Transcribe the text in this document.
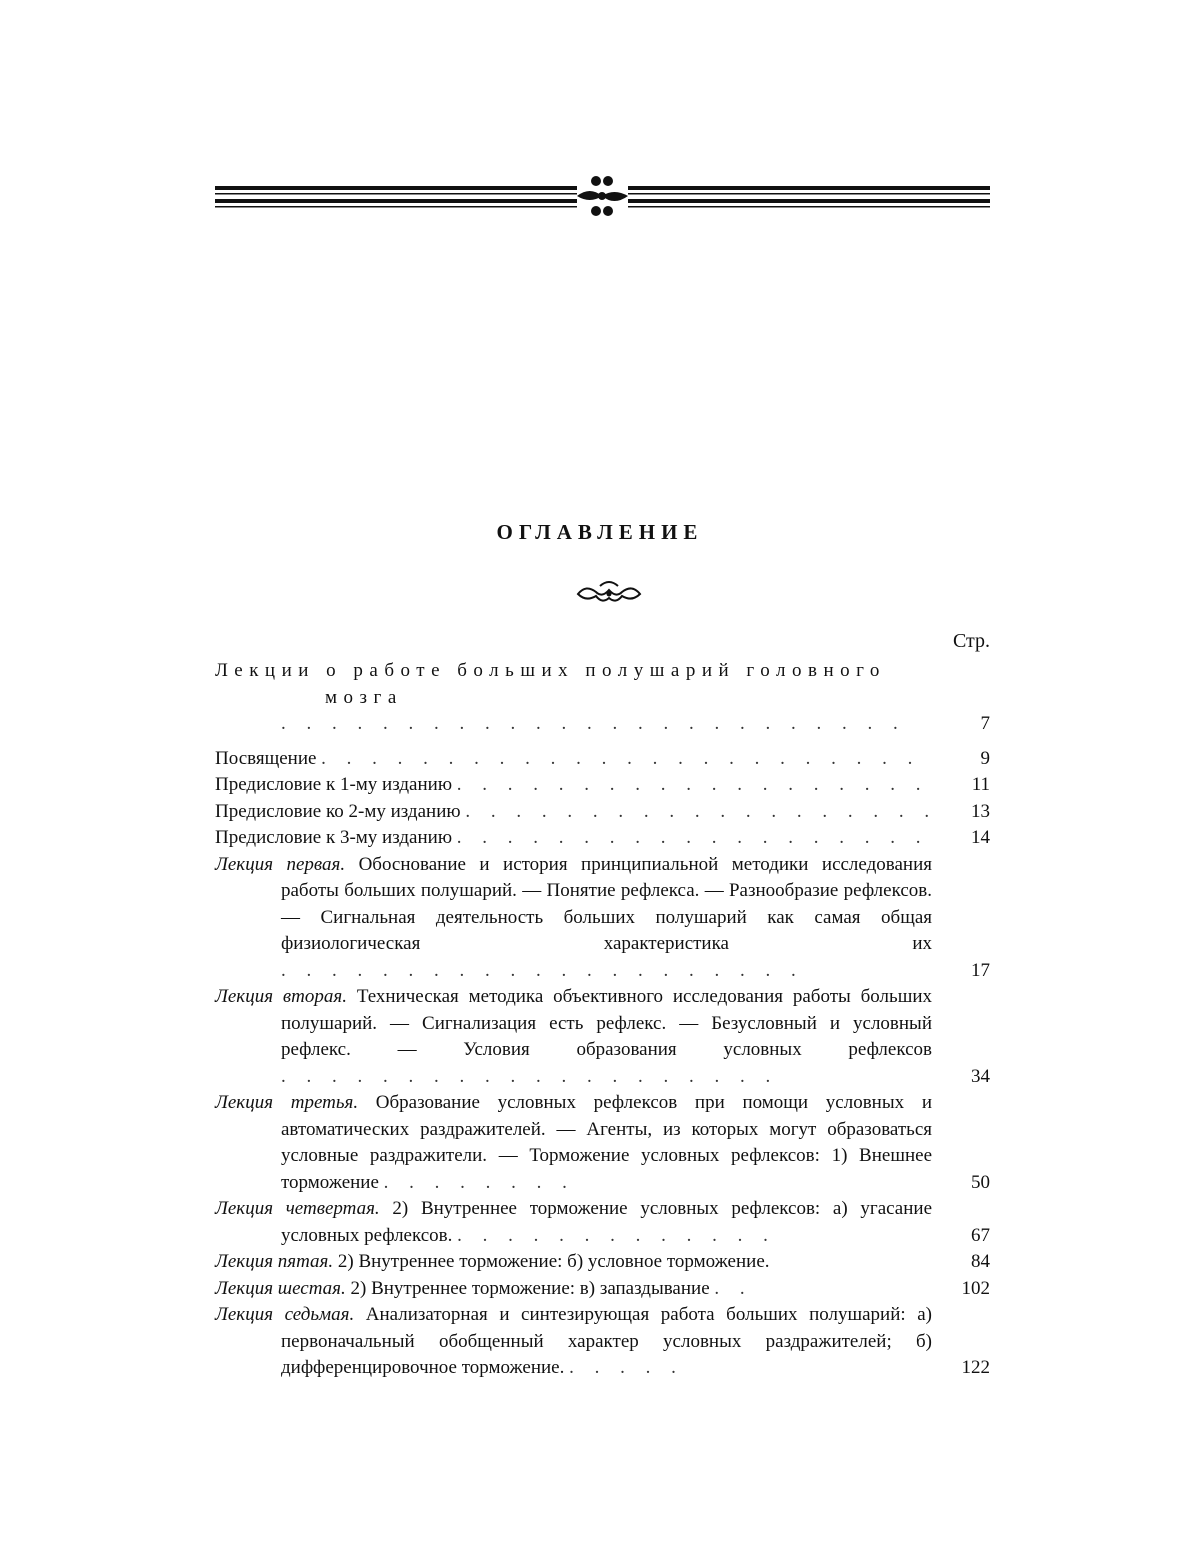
ОГЛАВЛЕНИЕ
Стр.
Лекции о работе больших полушарий головного
мозга . . . . . . . . . . . . . . . . . . . . . . . . .	7
Посвящение . . . . . . . . . . . . . . . . . . . . . . . .	9
Предисловие к 1-му изданию . . . . . . . . . . . . . . . . . . .	11
Предисловие ко 2-му изданию . . . . . . . . . . . . . . . . . .	13
Предисловие к 3-му изданию . . . . . . . . . . . . . . . . . . .	14
Лекция первая. Обоснование и история принципиальной методики исследования работы больших полушарий. — Понятие рефлекса. — Разнообразие рефлексов. — Сигнальная деятельность больших полушарий как самая общая физиологическая характеристика их . . . . . . . . . . . . . . . . . . . . .	17
Лекция вторая. Техническая методика объективного исследования работы больших полушарий. — Сигнализация есть рефлекс. — Безусловный и условный рефлекс. — Условия образования условных рефлексов . . . . . . . . . . . . . . . . . . . .	34
Лекция третья. Образование условных рефлексов при помощи условных и автоматических раздражителей. — Агенты, из которых могут образоваться условные раздражители. — Торможение условных рефлексов: 1) Внешнее торможение . . . . . . . .	50
Лекция четвертая. 2) Внутреннее торможение условных рефлексов: а) угасание условных рефлексов. . . . . . . . . . . . . .	67
Лекция пятая. 2) Внутреннее торможение: б) условное торможение.	84
Лекция шестая. 2) Внутреннее торможение: в) запаздывание . .	102
Лекция седьмая. Анализаторная и синтезирующая работа больших полушарий: а) первоначальный обобщенный характер условных раздражителей; б) дифференцировочное торможение. . . . . .	122
